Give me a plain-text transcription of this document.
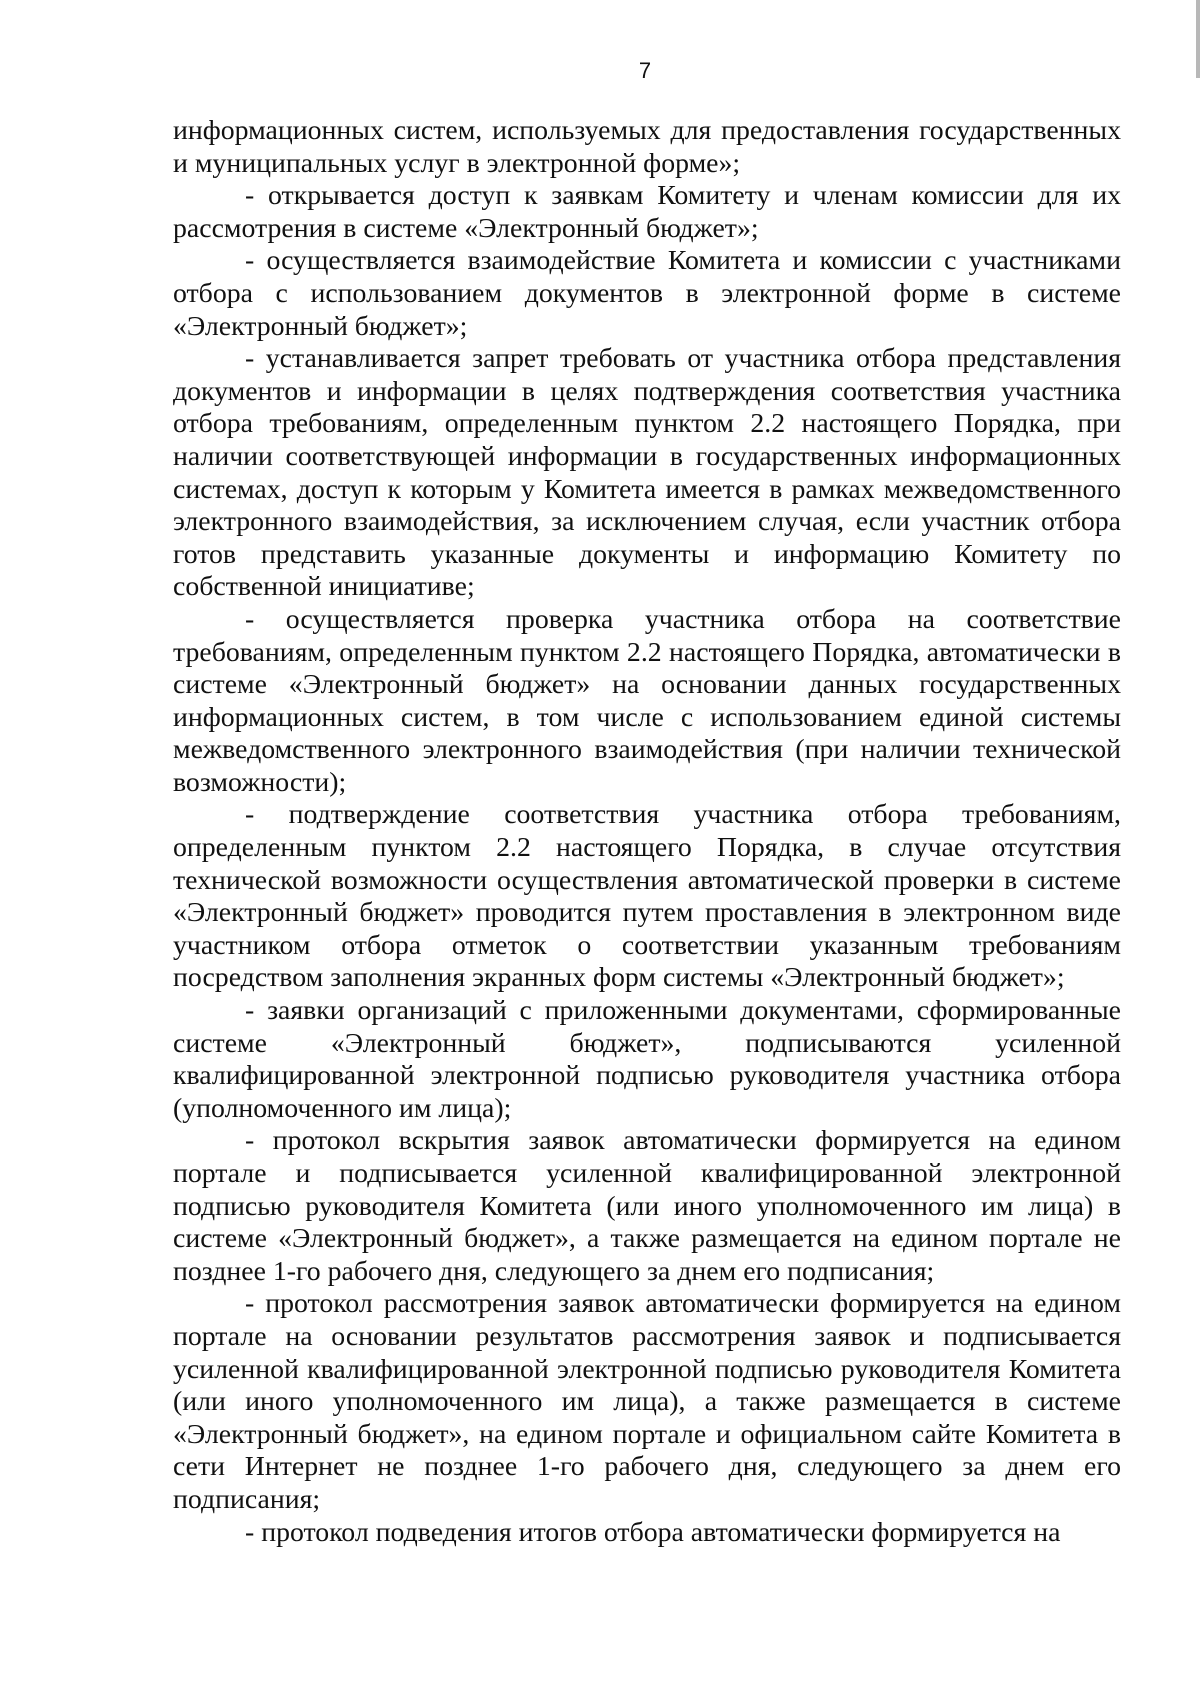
7

информационных систем, используемых для предоставления государственных и муниципальных услуг в электронной форме»;

- открывается доступ к заявкам Комитету и членам комиссии для их рассмотрения в системе «Электронный бюджет»;

- осуществляется взаимодействие Комитета и комиссии с участниками отбора с использованием документов в электронной форме в системе «Электронный бюджет»;

- устанавливается запрет требовать от участника отбора представления документов и информации в целях подтверждения соответствия участника отбора требованиям, определенным пунктом 2.2 настоящего Порядка, при наличии соответствующей информации в государственных информационных системах, доступ к которым у Комитета имеется в рамках межведомственного электронного взаимодействия, за исключением случая, если участник отбора готов представить указанные документы и информацию Комитету по собственной инициативе;

- осуществляется проверка участника отбора на соответствие требованиям, определенным пунктом 2.2 настоящего Порядка, автоматически в системе «Электронный бюджет» на основании данных государственных информационных систем, в том числе с использованием единой системы межведомственного электронного взаимодействия (при наличии технической возможности);

- подтверждение соответствия участника отбора требованиям, определенным пунктом 2.2 настоящего Порядка, в случае отсутствия технической возможности осуществления автоматической проверки в системе «Электронный бюджет» проводится путем проставления в электронном виде участником отбора отметок о соответствии указанным требованиям посредством заполнения экранных форм системы «Электронный бюджет»;

- заявки организаций с приложенными документами, сформированные системе «Электронный бюджет», подписываются усиленной квалифицированной электронной подписью руководителя участника отбора (уполномоченного им лица);

- протокол вскрытия заявок автоматически формируется на едином портале и подписывается усиленной квалифицированной электронной подписью руководителя Комитета (или иного уполномоченного им лица) в системе «Электронный бюджет», а также размещается на едином портале не позднее 1-го рабочего дня, следующего за днем его подписания;

- протокол рассмотрения заявок автоматически формируется на едином портале на основании результатов рассмотрения заявок и подписывается усиленной квалифицированной электронной подписью руководителя Комитета (или иного уполномоченного им лица), а также размещается в системе «Электронный бюджет», на едином портале и официальном сайте Комитета в сети Интернет не позднее 1-го рабочего дня, следующего за днем его подписания;

- протокол подведения итогов отбора автоматически формируется на
